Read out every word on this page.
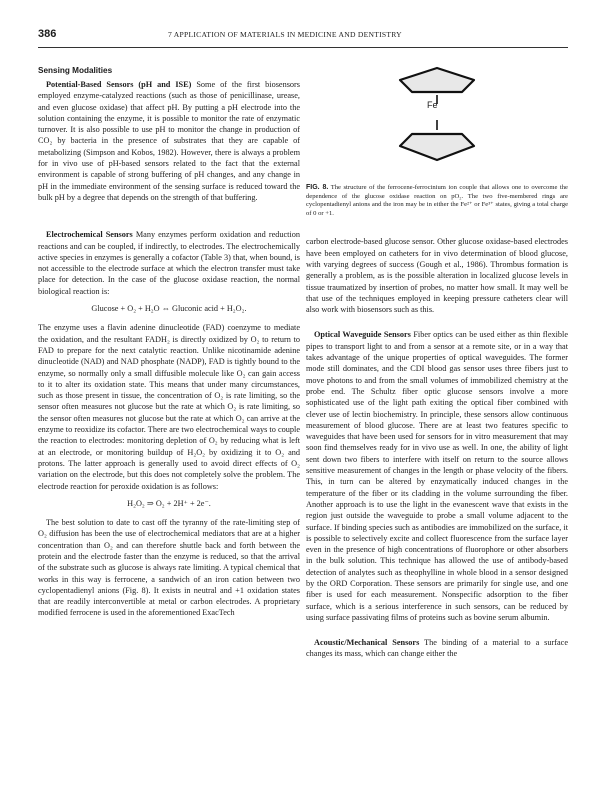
386	7 APPLICATION OF MATERIALS IN MEDICINE AND DENTISTRY
Sensing Modalities

Potential-Based Sensors (pH and ISE) Some of the first biosensors employed enzyme-catalyzed reactions (such as those of penicillinase, urease, and even glucose oxidase) that affect pH. By putting a pH electrode into the solution containing the enzyme, it is possible to monitor the rate of enzymatic turnover. It is also possible to use pH to monitor the change in production of CO₂ by bacteria in the presence of substrates that they are capable of metabolizing (Simpson and Kobos, 1982). However, there is always a problem for in vivo use of pH-based sensors related to the fact that the external environment is capable of strong buffering of pH changes, and any change in pH in the immediate environment of the sensing surface is reduced toward the bulk pH by a degree that depends on the strength of that buffering.

Electrochemical Sensors Many enzymes perform oxidation and reduction reactions and can be coupled, if indirectly, to electrodes. The electrochemically active species in enzymes is generally a cofactor (Table 3) that, when bound, is not accessible to the electrode surface at which the electron transfer must take place for detection. In the case of the glucose oxidase reaction, the normal biological reaction is:

Glucose + O₂ + H₂O ⇔ Gluconic acid + H₂O₂.

The enzyme uses a flavin adenine dinucleotide (FAD) coenzyme to mediate the oxidation, and the resultant FADH₂ is directly oxidized by O₂ to return to FAD to prepare for the next catalytic reaction. Unlike nicotinamide adenine dinucleotide (NAD) and NAD phosphate (NADP), FAD is tightly bound to the enzyme, so normally only a small diffusible molecule like O₂ can gain access to it to alter its oxidation state. This means that under many circumstances, such as those present in tissue, the concentration of O₂ is rate limiting, so the sensor often measures not glucose but the rate at which O₂ is rate limiting, so the sensor often measures not glucose but the rate at which O₂ can arrive at the enzyme to reoxidize its cofactor. There are two electrochemical ways to couple the reaction to electrodes: monitoring depletion of O₂ by reducing what is left at an electrode, or monitoring buildup of H₂O₂ by oxidizing it to O₂ and protons. The latter approach is generally used to avoid direct effects of O₂ variation on the electrode, but this does not completely solve the problem. The electrode reaction for peroxide oxidation is as follows:

H₂O₂ ⇒ O₂ + 2H⁺ + 2e⁻.

The best solution to date to cast off the tyranny of the rate-limiting step of O₂ diffusion has been the use of electrochemical mediators that are at a higher concentration than O₂ and can therefore shuttle back and forth between the protein and the electrode faster than the enzyme is reduced, so that the arrival of the substrate such as glucose is always rate limiting. A typical chemical that works in this way is ferrocene, a sandwich of an iron cation between two cyclopentadienyl anions (Fig. 8). It exists in neutral and +1 oxidation states that are readily interconvertible at metal or carbon electrodes. A proprietary modified ferrocene is used in the aforementioned ExacTech

Fe

FIG. 8. The structure of the ferrocene-ferrocinium ion couple that allows one to overcome the dependence of the glucose oxidase reaction on pO₂. The two five-membered rings are cyclopentadienyl anions and the iron may be in either the Fe²⁺ or Fe³⁺ states, giving a total charge of 0 or +1.

carbon electrode-based glucose sensor. Other glucose oxidase-based electrodes have been employed on catheters for in vivo determination of blood glucose, with varying degrees of success (Gough et al., 1986). Thrombus formation is generally a problem, as is the possible alteration in localized glucose levels in tissue traumatized by insertion of probes, no matter how small. It may well be that use of the techniques employed in keeping pressure catheters clear will also work with biosensors such as this.

Optical Waveguide Sensors Fiber optics can be used either as thin flexible pipes to transport light to and from a sensor at a remote site, or in a way that takes advantage of the unique properties of optical waveguides. The former mode still dominates, and the CDI blood gas sensor uses three fibers just to move photons to and from the small volumes of immobilized chemistry at the probe end. The Schultz fiber optic glucose sensors involve a more sophisticated use of the light path exiting the optical fiber combined with clever use of lectin biochemistry. In principle, these sensors allow continuous measurement of blood glucose. There are at least two features specific to waveguides that have been used for sensors for in vitro measurement that may soon find themselves ready for in vivo use as well. In one, the ability of light sent down two fibers to interfere with itself on return to the source allows sensitive measurement of changes in the length or phase velocity of the fibers. This, in turn can be altered by enzymatically induced changes in the temperature of the fiber or its cladding in the volume surrounding the fiber. Another approach is to use the light in the evanescent wave that exists in the region just outside the waveguide to probe a small volume adjacent to the surface. If binding species such as antibodies are immobilized on the surface, it is possible to selectively excite and collect fluorescence from the surface layer even in the presence of high concentrations of fluorophore or other absorbers in the bulk solution. This technique has allowed the use of antibody-based detection of analytes such as theophylline in whole blood in a sensor designed by the ORD Corporation. These sensors are primarily for single use, and one fiber is used for each measurement. Nonspecific adsorption to the fiber surface, which is a serious interference in such sensors, can be reduced by using surface passivating films of proteins such as bovine serum albumin.

Acoustic/Mechanical Sensors The binding of a material to a surface changes its mass, which can change either the
